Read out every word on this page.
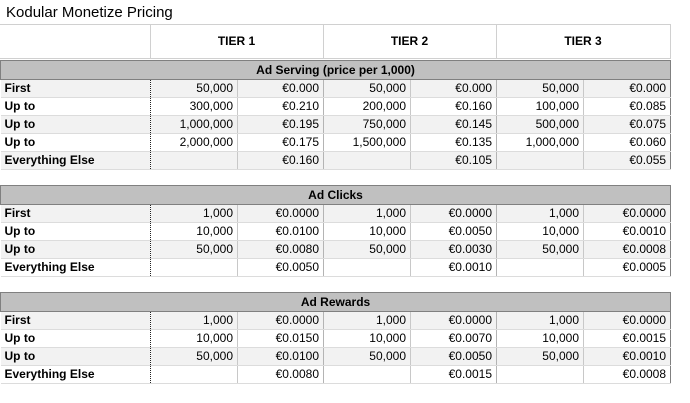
Kodular Monetize Pricing
	TIER 1	TIER 2	TIER 3
Ad Serving (price per 1,000)						
First	50,000	€0.000	50,000	€0.000	50,000	€0.000
Up to	300,000	€0.210	200,000	€0.160	100,000	€0.085
Up to	1,000,000	€0.195	750,000	€0.145	500,000	€0.075
Up to	2,000,000	€0.175	1,500,000	€0.135	1,000,000	€0.060
Everything Else		€0.160		€0.105		€0.055
Ad Clicks						
First	1,000	€0.0000	1,000	€0.0000	1,000	€0.0000
Up to	10,000	€0.0100	10,000	€0.0050	10,000	€0.0010
Up to	50,000	€0.0080	50,000	€0.0030	50,000	€0.0008
Everything Else		€0.0050		€0.0010		€0.0005
Ad Rewards						
First	1,000	€0.0000	1,000	€0.0000	1,000	€0.0000
Up to	10,000	€0.0150	10,000	€0.0070	10,000	€0.0015
Up to	50,000	€0.0100	50,000	€0.0050	50,000	€0.0010
Everything Else		€0.0080		€0.0015		€0.0008
